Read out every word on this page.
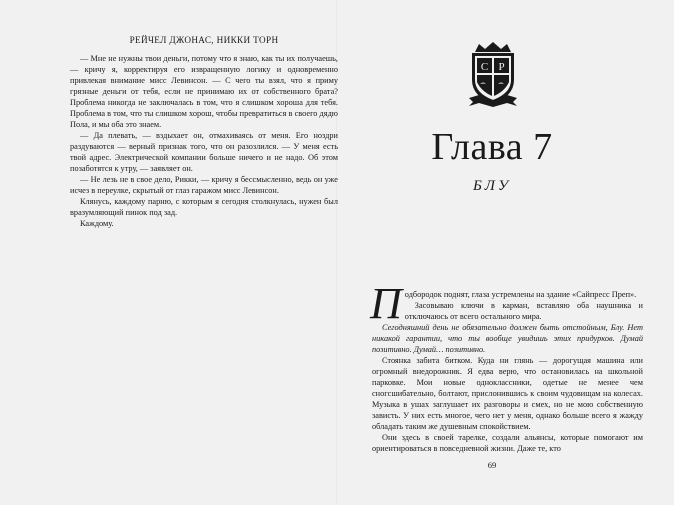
РЕЙЧЕЛ ДЖОНАС, НИККИ ТОРН

— Мне не нужны твои деньги, потому что я знаю, как ты их получаешь, — кричу я, корректируя его извращенную логику и одновременно привлекая внимание мисс Левинсон. — С чего ты взял, что я приму грязные деньги от тебя, если не принимаю их от собственного брата? Проблема никогда не заключалась в том, что я слишком хороша для тебя. Проблема в том, что ты слишком хорош, чтобы превратиться в своего дядю Пола, и мы оба это знаем.

— Да плевать, — вздыхает он, отмахиваясь от меня. Его ноздри раздуваются — верный признак того, что он разозлился. — У меня есть твой адрес. Электрической компании больше ничего и не надо. Об этом позаботятся к утру, — заявляет он.

— Не лезь не в свое дело, Рикки, — кричу я бессмысленно, ведь он уже исчез в переулке, скрытый от глаз гаражом мисс Левинсон.

Клянусь, каждому парню, с которым я сегодня столкнулась, нужен был вразумляющий пинок под зад.

Каждому.

С Р
Глава 7
БЛУ

Подбородок поднят, глаза устремлены на здание «Сайпресс Преп».

Засовываю ключи в карман, вставляю оба наушника и отключаюсь от всего остального мира.

Сегодняшний день не обязательно должен быть отстойным, Блу. Нет никакой гарантии, что ты вообще увидишь этих придурков. Думай позитивно. Думай… позитивно.

Стоянка забита битком. Куда ни глянь — дорогущая машина или огромный внедорожник. Я едва верю, что остановилась на школьной парковке. Мои новые одноклассники, одетые не менее чем сногсшибательно, болтают, прислонившись к своим чудовищам на колесах. Музыка в ушах заглушает их разговоры и смех, но не мою собственную зависть. У них есть многое, чего нет у меня, однако больше всего я жажду обладать таким же душевным спокойствием.

Они здесь в своей тарелке, создали альянсы, которые помогают им ориентироваться в повседневной жизни. Даже те, кто

69
